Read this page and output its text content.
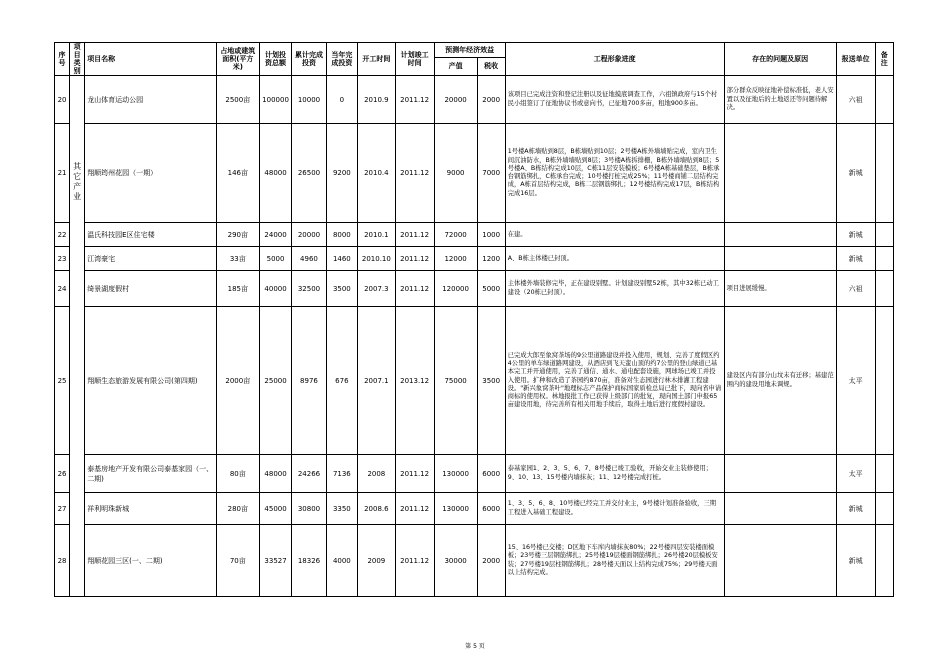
序号	项目类别	项目名称	占地或建筑面积(平方米)	计划投资总额	累计完成投资	当年完成投资	开工时间	计划竣工时间	预测年经济效益		工程形象进度	存在的问题及原因	报送单位	备注
									产值	税收				
20	其它产业	龙山体育运动公园	2500亩	100000	10000	0	2010.9	2011.12	20000	2000	该项目已完成注资和登记注册以及征地摸底调查工作，六祖镇政府与15个村民小组签订了征地协议书或意向书，已征地700多亩，租地900多亩。	部分群众反映征地补偿标准低，老人安置以及征地后的土地返还等问题待解决。	六祖	
21		翔顺筠州花园（一期）	146亩	48000	26500	9200	2010.4	2011.12	9000	7000	1号楼A栋墙贴到8层，B栋墙贴到10层；2号楼A栋外墙墙贴完成，室内卫生间沉油防水，B栋外墙墙贴到8层；3号楼A栋拆排栅，B栋外墙墙贴到8层；5号楼A、B栋结构完成10层，C栋11层安装模板；6号楼A栋基础垫层，B栋承台钢筋绑扎，C栋承台完成；10号楼打桩完成25%；11号楼商铺二层结构完成，A栋首层结构完成，B栋二层钢筋绑扎；12号楼结构完成17层，B栋结构完成16层。		新城	
22		温氏科技园E区住宅楼	290亩	24000	20000	8000	2010.1	2011.12	72000	1000	在建。		新城	
23		江湾豪宅	33亩	5000	4960	1460	2010.10	2011.12	12000	1200	A、B栋主体楼已封顶。		新城	
24		绮景湖度假村	185亩	40000	32500	3500	2007.3	2011.12	120000	5000	主体楼外墙装修完毕，正在建设别墅。计划建设别墅52栋，其中32栋已动工建设（20栋已封顶）。	项目进展缓慢。	六祖	
25		翔顺生态旅游发展有限公司(第四期)	2000亩	25000	8976	676	2007.1	2013.12	75000	3500	已完成大郎至象窝茶场的9公里道路建设并投入使用，规划、完善了度假区约4公里的单车绿道路网建设，从酒店到飞天蛮山顶的约7公里的登山绿道已基本完工并开通使用，完善了通信、通水、通电配套设施，网球场已竣工并投入使用。扩种和改造了茶园约870亩，准备对生态园进行林木排灌工程建设。"新兴象窝茶叶"地理标志产品保护商标国家质检总局已批下，现向省申请商标的使用权。林地报批工作已获得上级部门的批复，现向国土部门申报65亩建设用地，待完善所有相关用地手续后，取得土地后进行度假村建设。	建设区内有部分山坟未有迁移；基建范围内的建设用地未调规。	太平	
26		泰基房地产开发有限公司泰基家园（一、二期)	80亩	48000	24266	7136	2008	2011.12	130000	6000	泰基家园1、2、3、5、6、7、8号楼已竣工验收，开始交业主装修使用；9、10、13、15号楼内墙抹灰；11、12号楼完成打桩。		太平	
27		祥利明珠新城	280亩	45000	30800	3350	2008.6	2011.12	130000	6000	1、3、5、6、8、10号楼已经完工并交付业主，9号楼计划准备验收，三期工程进入基础工程建设。		新城	
28		翔顺花园三区(一、二期)	70亩	33527	18326	4000	2009	2011.12	30000	2000	15、16号楼已交楼；D区地下车库内墙抹灰80%；22号楼四层安装楼面模板；23号楼三层钢筋绑扎；25号楼19层楼面钢筋绑扎；26号楼20层模板安装；27号楼19层柱钢筋绑扎；28号楼天面以上结构完成75%；29号楼天面以上结构完成。		新城	
第 5 页
